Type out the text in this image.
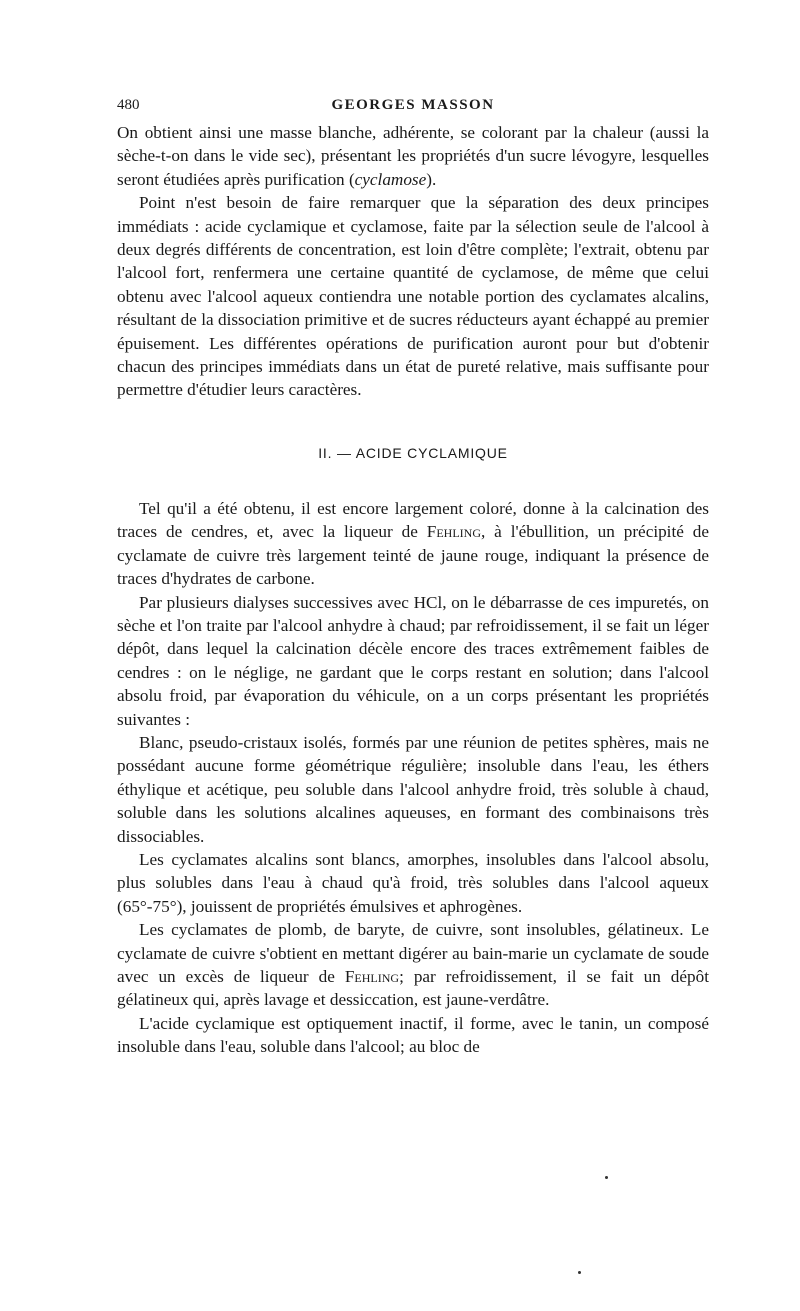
480	GEORGES MASSON

On obtient ainsi une masse blanche, adhérente, se colorant par la chaleur (aussi la sèche-t-on dans le vide sec), présentant les propriétés d'un sucre lévogyre, lesquelles seront étudiées après purification (cyclamose).

Point n'est besoin de faire remarquer que la séparation des deux principes immédiats : acide cyclamique et cyclamose, faite par la sélection seule de l'alcool à deux degrés différents de concentration, est loin d'être complète; l'extrait, obtenu par l'alcool fort, renfermera une certaine quantité de cyclamose, de même que celui obtenu avec l'alcool aqueux contiendra une notable portion des cyclamates alcalins, résultant de la dissociation primitive et de sucres réducteurs ayant échappé au premier épuisement. Les différentes opérations de purification auront pour but d'obtenir chacun des principes immédiats dans un état de pureté relative, mais suffisante pour permettre d'étudier leurs caractères.

II. — ACIDE CYCLAMIQUE

Tel qu'il a été obtenu, il est encore largement coloré, donne à la calcination des traces de cendres, et, avec la liqueur de Fehling, à l'ébullition, un précipité de cyclamate de cuivre très largement teinté de jaune rouge, indiquant la présence de traces d'hydrates de carbone.

Par plusieurs dialyses successives avec HCl, on le débarrasse de ces impuretés, on sèche et l'on traite par l'alcool anhydre à chaud; par refroidissement, il se fait un léger dépôt, dans lequel la calcination décèle encore des traces extrêmement faibles de cendres : on le néglige, ne gardant que le corps restant en solution; dans l'alcool absolu froid, par évaporation du véhicule, on a un corps présentant les propriétés suivantes :

Blanc, pseudo-cristaux isolés, formés par une réunion de petites sphères, mais ne possédant aucune forme géométrique régulière; insoluble dans l'eau, les éthers éthylique et acétique, peu soluble dans l'alcool anhydre froid, très soluble à chaud, soluble dans les solutions alcalines aqueuses, en formant des combinaisons très dissociables.

Les cyclamates alcalins sont blancs, amorphes, insolubles dans l'alcool absolu, plus solubles dans l'eau à chaud qu'à froid, très solubles dans l'alcool aqueux (65°-75°), jouissent de propriétés émulsives et aphrogènes.

Les cyclamates de plomb, de baryte, de cuivre, sont insolubles, gélatineux. Le cyclamate de cuivre s'obtient en mettant digérer au bain-marie un cyclamate de soude avec un excès de liqueur de Fehling; par refroidissement, il se fait un dépôt gélatineux qui, après lavage et dessiccation, est jaune-verdâtre.

L'acide cyclamique est optiquement inactif, il forme, avec le tanin, un composé insoluble dans l'eau, soluble dans l'alcool; au bloc de
